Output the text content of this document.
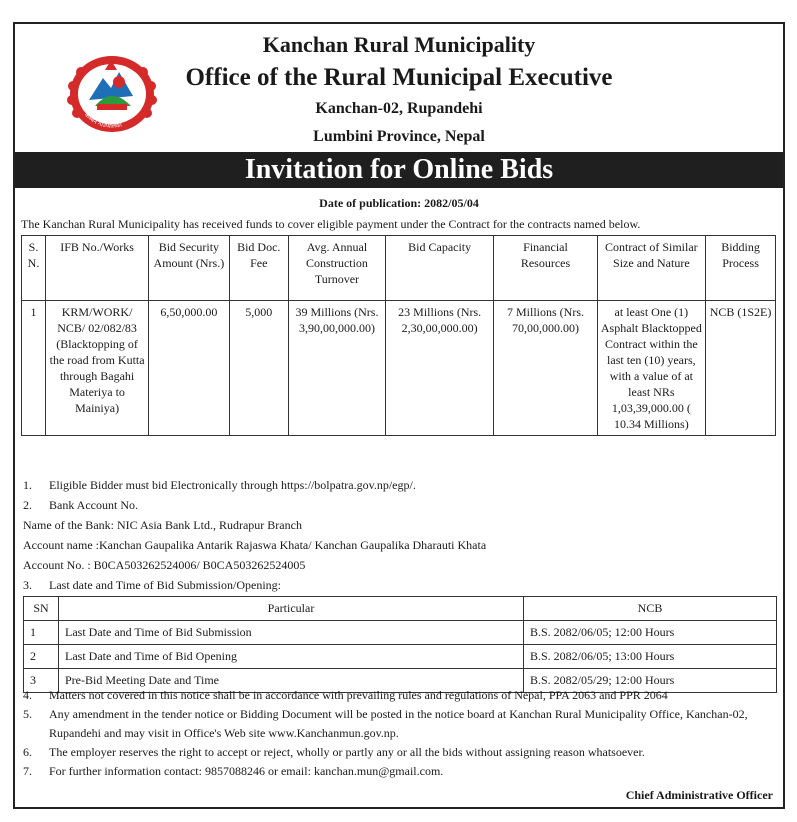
कञ्चन गाउँपालिका
Kanchan Rural Municipality
Office of the Rural Municipal Executive
Kanchan-02, Rupandehi
Lumbini Province, Nepal
Invitation for Online Bids
Date of publication: 2082/05/04
The Kanchan Rural Municipality has received funds to cover eligible payment under the Contract for the contracts named below.
S. N.	IFB No./Works	Bid Security Amount (Nrs.)	Bid Doc. Fee	Avg. Annual Construction Turnover	Bid Capacity	Financial Resources	Contract of Similar Size and Nature	Bidding Process
1	KRM/WORK/ NCB/ 02/082/83 (Blacktopping of the road from Kutta through Bagahi Materiya to Mainiya)	6,50,000.00	5,000	39 Millions (Nrs. 3,90,00,000.00)	23 Millions (Nrs. 2,30,00,000.00)	7 Millions (Nrs. 70,00,000.00)	at least One (1) Asphalt Blacktopped Contract within the last ten (10) years, with a value of at least NRs 1,03,39,000.00 ( 10.34 Millions)	NCB (1S2E)
1. Eligible Bidder must bid Electronically through https://bolpatra.gov.np/egp/.
2. Bank Account No.
Name of the Bank: NIC Asia Bank Ltd., Rudrapur Branch
Account name :Kanchan Gaupalika Antarik Rajaswa Khata/ Kanchan Gaupalika Dharauti Khata
Account No. : B0CA503262524006/ B0CA503262524005
3. Last date and Time of Bid Submission/Opening:
SN	Particular	NCB
1	Last Date and Time of Bid Submission	B.S. 2082/06/05; 12:00 Hours
2	Last Date and Time of Bid Opening	B.S. 2082/06/05; 13:00 Hours
3	Pre-Bid Meeting Date and Time	B.S. 2082/05/29; 12:00 Hours
4.	Matters not covered in this notice shall be in accordance with prevailing rules and regulations of Nepal, PPA 2063 and PPR 2064
5.	Any amendment in the tender notice or Bidding Document will be posted in the notice board at Kanchan Rural Municipality Office, Kanchan-02, Rupandehi and may visit in Office's Web site www.Kanchanmun.gov.np.
6.	The employer reserves the right to accept or reject, wholly or partly any or all the bids without assigning reason whatsoever.
7.	For further information contact: 9857088246 or email: kanchan.mun@gmail.com.
Chief Administrative Officer
